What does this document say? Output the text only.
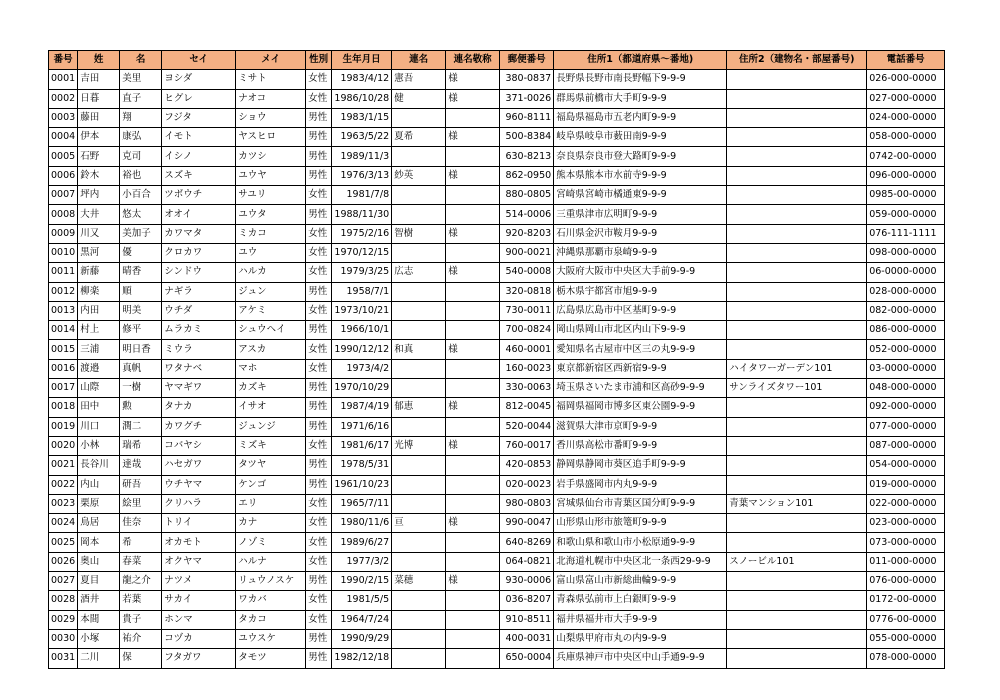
番号	姓	名	セイ	メイ	性別	生年月日	連名	連名敬称	郵便番号	住所1（都道府県～番地)	住所2（建物名・部屋番号)	電話番号
0001	吉田	美里	ヨシダ	ミサト	女性	1983/4/12	憲吾	様	380-0837	長野県長野市南長野幅下9-9-9		026-000-0000
0002	日暮	直子	ヒグレ	ナオコ	女性	1986/10/28	健	様	371-0026	群馬県前橋市大手町9-9-9		027-000-0000
0003	藤田	翔	フジタ	ショウ	男性	1983/1/15			960-8111	福島県福島市五老内町9-9-9		024-000-0000
0004	伊本	康弘	イモト	ヤスヒロ	男性	1963/5/22	夏希	様	500-8384	岐阜県岐阜市薮田南9-9-9		058-000-0000
0005	石野	克司	イシノ	カツシ	男性	1989/11/3			630-8213	奈良県奈良市登大路町9-9-9		0742-00-0000
0006	鈴木	裕也	スズキ	ユウヤ	男性	1976/3/13	紗英	様	862-0950	熊本県熊本市水前寺9-9-9		096-000-0000
0007	坪内	小百合	ツボウチ	サユリ	女性	1981/7/8			880-0805	宮崎県宮崎市橘通東9-9-9		0985-00-0000
0008	大井	悠太	オオイ	ユウタ	男性	1988/11/30			514-0006	三重県津市広明町9-9-9		059-000-0000
0009	川又	美加子	カワマタ	ミカコ	女性	1975/2/16	智樹	様	920-8203	石川県金沢市鞍月9-9-9		076-111-1111
0010	黒河	優	クロカワ	ユウ	女性	1970/12/15			900-0021	沖縄県那覇市泉崎9-9-9		098-000-0000
0011	新藤	晴香	シンドウ	ハルカ	女性	1979/3/25	広志	様	540-0008	大阪府大阪市中央区大手前9-9-9		06-0000-0000
0012	柳楽	順	ナギラ	ジュン	男性	1958/7/1			320-0818	栃木県宇都宮市旭9-9-9		028-000-0000
0013	内田	明美	ウチダ	アケミ	女性	1973/10/21			730-0011	広島県広島市中区基町9-9-9		082-000-0000
0014	村上	修平	ムラカミ	シュウヘイ	男性	1966/10/1			700-0824	岡山県岡山市北区内山下9-9-9		086-000-0000
0015	三浦	明日香	ミウラ	アスカ	女性	1990/12/12	和真	様	460-0001	愛知県名古屋市中区三の丸9-9-9		052-000-0000
0016	渡邉	真帆	ワタナベ	マホ	女性	1973/4/2			160-0023	東京都新宿区西新宿9-9-9	ハイタワーガーデン101	03-0000-0000
0017	山際	一樹	ヤマギワ	カズキ	男性	1970/10/29			330-0063	埼玉県さいたま市浦和区高砂9-9-9	サンライズタワー101	048-000-0000
0018	田中	勲	タナカ	イサオ	男性	1987/4/19	郁恵	様	812-0045	福岡県福岡市博多区東公園9-9-9		092-000-0000
0019	川口	潤二	カワグチ	ジュンジ	男性	1971/6/16			520-0044	滋賀県大津市京町9-9-9		077-000-0000
0020	小林	瑞希	コバヤシ	ミズキ	女性	1981/6/17	光博	様	760-0017	香川県高松市番町9-9-9		087-000-0000
0021	長谷川	達哉	ハセガワ	タツヤ	男性	1978/5/31			420-0853	静岡県静岡市葵区追手町9-9-9		054-000-0000
0022	内山	研吾	ウチヤマ	ケンゴ	男性	1961/10/23			020-0023	岩手県盛岡市内丸9-9-9		019-000-0000
0023	栗原	絵里	クリハラ	エリ	女性	1965/7/11			980-0803	宮城県仙台市青葉区国分町9-9-9	青葉マンション101	022-000-0000
0024	鳥居	佳奈	トリイ	カナ	女性	1980/11/6	亘	様	990-0047	山形県山形市旅篭町9-9-9		023-000-0000
0025	岡本	希	オカモト	ノゾミ	女性	1989/6/27			640-8269	和歌山県和歌山市小松原通9-9-9		073-000-0000
0026	奥山	春菜	オクヤマ	ハルナ	女性	1977/3/2			064-0821	北海道札幌市中央区北一条西29-9-9	スノービル101	011-000-0000
0027	夏目	龍之介	ナツメ	リュウノスケ	男性	1990/2/15	菜穂	様	930-0006	富山県富山市新総曲輪9-9-9		076-000-0000
0028	酒井	若葉	サカイ	ワカバ	女性	1981/5/5			036-8207	青森県弘前市上白銀町9-9-9		0172-00-0000
0029	本間	貴子	ホンマ	タカコ	女性	1964/7/24			910-8511	福井県福井市大手9-9-9		0776-00-0000
0030	小塚	祐介	コヅカ	ユウスケ	男性	1990/9/29			400-0031	山梨県甲府市丸の内9-9-9		055-000-0000
0031	二川	保	フタガワ	タモツ	男性	1982/12/18			650-0004	兵庫県神戸市中央区中山手通9-9-9		078-000-0000
